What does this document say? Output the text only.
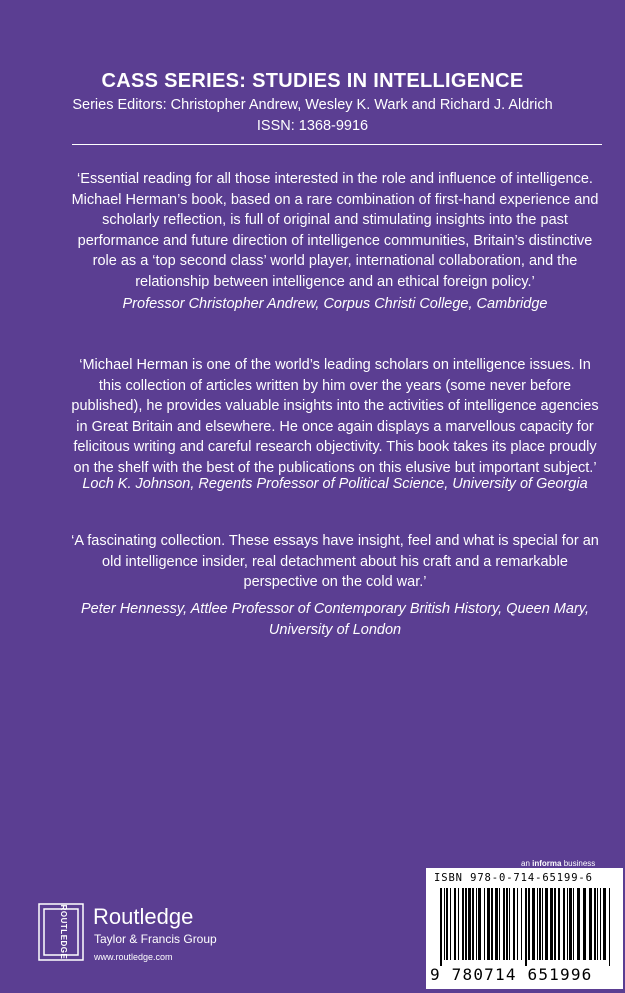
CASS SERIES: STUDIES IN INTELLIGENCE
Series Editors: Christopher Andrew, Wesley K. Wark and Richard J. Aldrich
ISSN: 1368-9916
‘Essential reading for all those interested in the role and influence of intelligence. Michael Herman’s book, based on a rare combination of first-hand experience and scholarly reflection, is full of original and stimulating insights into the past performance and future direction of intelligence communities, Britain’s distinctive role as a ‘top second class’ world player, international collaboration, and the relationship between intelligence and an ethical foreign policy.’
Professor Christopher Andrew, Corpus Christi College, Cambridge
‘Michael Herman is one of the world’s leading scholars on intelligence issues. In this collection of articles written by him over the years (some never before published), he provides valuable insights into the activities of intelligence agencies in Great Britain and elsewhere. He once again displays a marvellous capacity for felicitous writing and careful research objectivity. This book takes its place proudly on the shelf with the best of the publications on this elusive but important subject.’
Loch K. Johnson, Regents Professor of Political Science, University of Georgia
‘A fascinating collection. These essays have insight, feel and what is special for an old intelligence insider, real detachment about his craft and a remarkable perspective on the cold war.’
Peter Hennessy, Attlee Professor of Contemporary British History, Queen Mary, University of London
an informa business
ISBN 978-0-714-65199-6
9 780714 651996
ROUTLEDGE Routledge
Taylor & Francis Group
www.routledge.com
